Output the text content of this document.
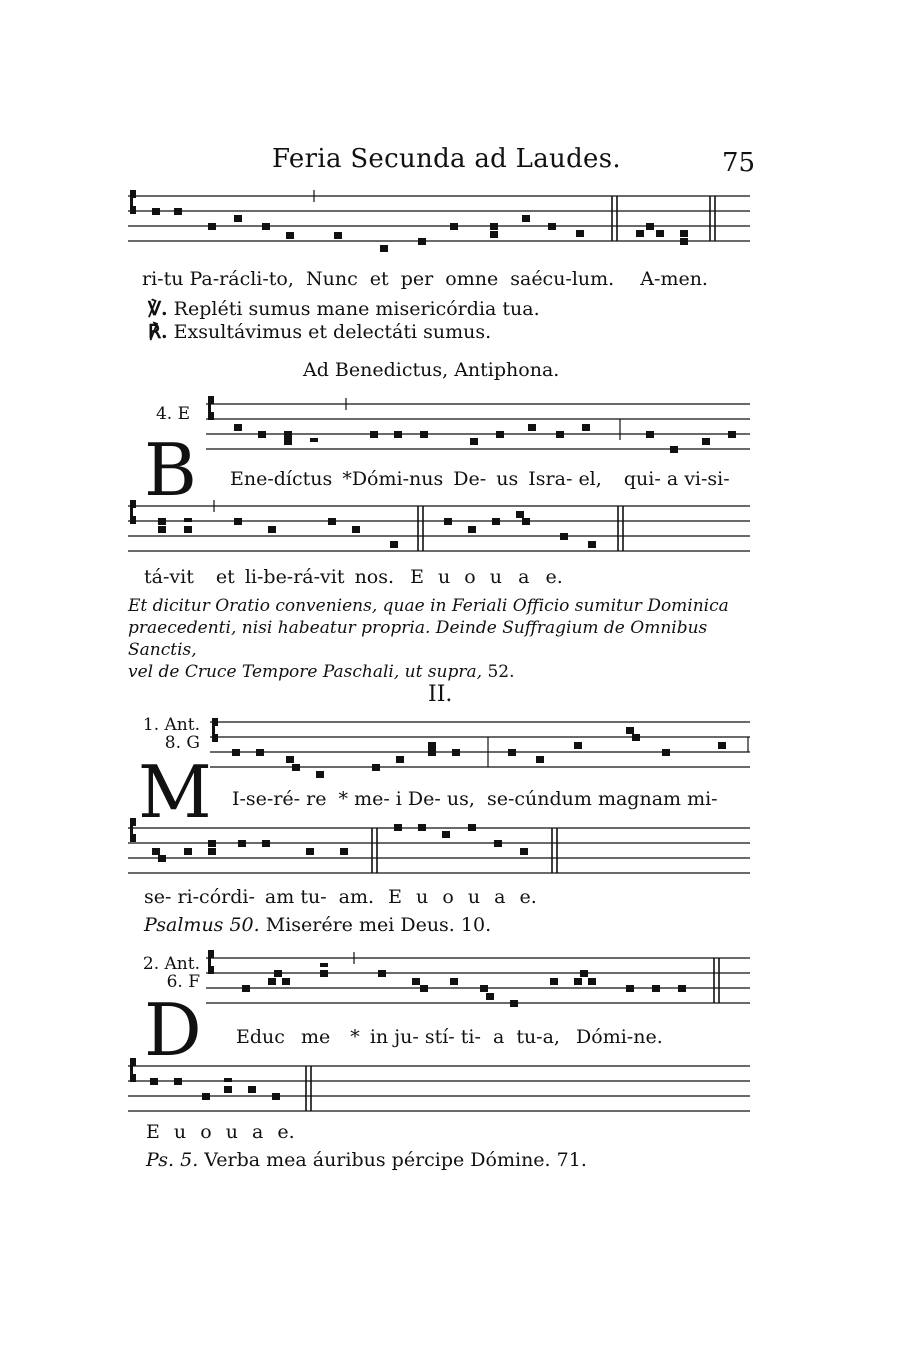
Feria Secunda ad Laudes.	75
ri-tu Pa-rácli-to, Nunc et per omne saécu-lum. A-men.
℣. Repléti sumus mane misericórdia tua.
℟. Exsultávimus et delectáti sumus.
Ad Benedictus, Antiphona.
4. E
B Ene-díctus *Dómi-nus De- us Isra- el, qui- a vi-si-
tá-vit et li-be-rá-vit nos. E u o u a e.
Et dicitur Oratio conveniens, quae in Feriali Officio sumitur Dominica
praecedenti, nisi habeatur propria. Deinde Suffragium de Omnibus Sanctis,
vel de Cruce Tempore Paschali, ut supra, 52.
II.
1. Ant.
8. G
M I-se-ré- re * me- i De- us, se-cúndum magnam mi-
se- ri-córdi- am tu- am. E u o u a e.
Psalmus 50. Miserére mei Deus. 10.
2. Ant.
6. F
D Educ me * in ju- stí- ti- a tu-a, Dómi-ne.
E u o u a e.
Ps. 5. Verba mea áuribus pércipe Dómine. 71.
